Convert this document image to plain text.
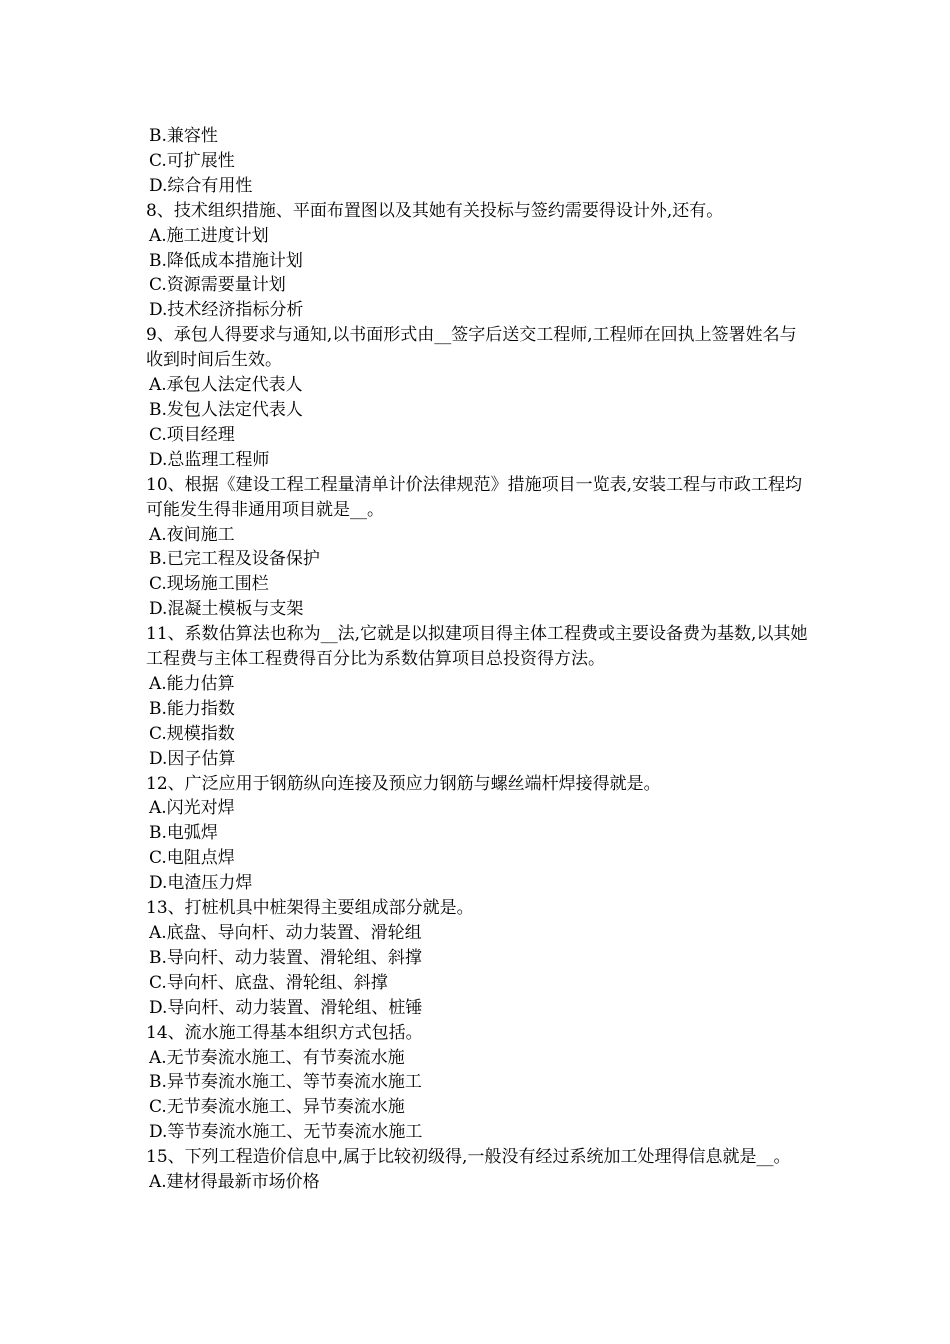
B.兼容性
C.可扩展性
D.综合有用性
8、技术组织措施、平面布置图以及其她有关投标与签约需要得设计外,还有。
A.施工进度计划
B.降低成本措施计划
C.资源需要量计划
D.技术经济指标分析
9、承包人得要求与通知,以书面形式由__签字后送交工程师,工程师在回执上签署姓名与收到时间后生效。
A.承包人法定代表人
B.发包人法定代表人
C.项目经理
D.总监理工程师
10、根据《建设工程工程量清单计价法律规范》措施项目一览表,安装工程与市政工程均可能发生得非通用项目就是__。
A.夜间施工
B.已完工程及设备保护
C.现场施工围栏
D.混凝土模板与支架
11、系数估算法也称为__法,它就是以拟建项目得主体工程费或主要设备费为基数,以其她工程费与主体工程费得百分比为系数估算项目总投资得方法。
A.能力估算
B.能力指数
C.规模指数
D.因子估算
12、广泛应用于钢筋纵向连接及预应力钢筋与螺丝端杆焊接得就是。
A.闪光对焊
B.电弧焊
C.电阻点焊
D.电渣压力焊
13、打桩机具中桩架得主要组成部分就是。
A.底盘、导向杆、动力装置、滑轮组
B.导向杆、动力装置、滑轮组、斜撑
C.导向杆、底盘、滑轮组、斜撑
D.导向杆、动力装置、滑轮组、桩锤
14、流水施工得基本组织方式包括。
A.无节奏流水施工、有节奏流水施
B.异节奏流水施工、等节奏流水施工
C.无节奏流水施工、异节奏流水施
D.等节奏流水施工、无节奏流水施工
15、下列工程造价信息中,属于比较初级得,一般没有经过系统加工处理得信息就是__。
A.建材得最新市场价格
